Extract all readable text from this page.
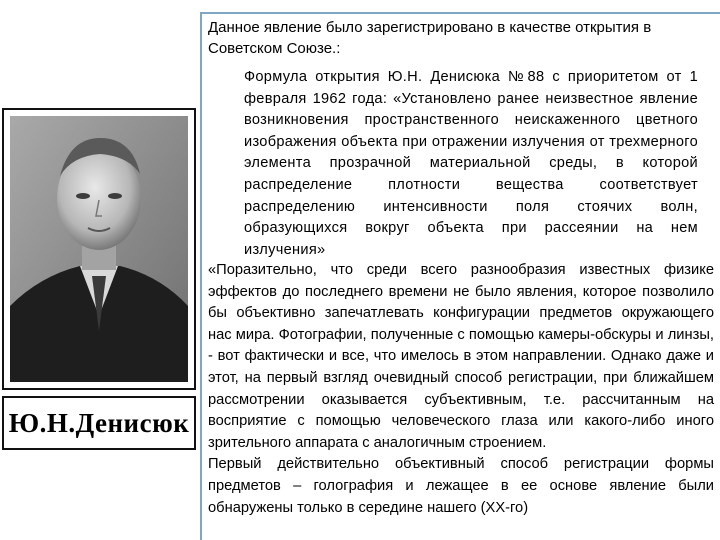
Ю.Н.Денисюк

Данное явление было зарегистрировано в качестве открытия в Советском Союзе.:

Формула открытия Ю.Н. Денисюка №88 с приоритетом от 1 февраля 1962 года: «Установлено ранее неизвестное явление возникновения пространственного неискаженного цветного изображения объекта при отражении излучения от трехмерного элемента прозрачной материальной среды, в которой распределение плотности вещества соответствует распределению интенсивности поля стоячих волн, образующихся вокруг объекта при рассеянии на нем излучения»

«Поразительно, что среди всего разнообразия известных физике эффектов до последнего времени не было явления, которое позволило бы объективно запечатлевать конфигурации предметов окружающего нас мира. Фотографии, полученные с помощью камеры-обскуры и линзы, - вот фактически и все, что имелось в этом направлении. Однако даже и этот, на первый взгляд очевидный способ регистрации, при ближайшем рассмотрении оказывается субъективным, т.е. рассчитанным на восприятие с помощью человеческого глаза или какого-либо иного зрительного аппарата с аналогичным строением.

Первый действительно объективный способ регистрации формы предметов – голография и лежащее в ее основе явление были обнаружены только в середине нашего (ХХ-го)
